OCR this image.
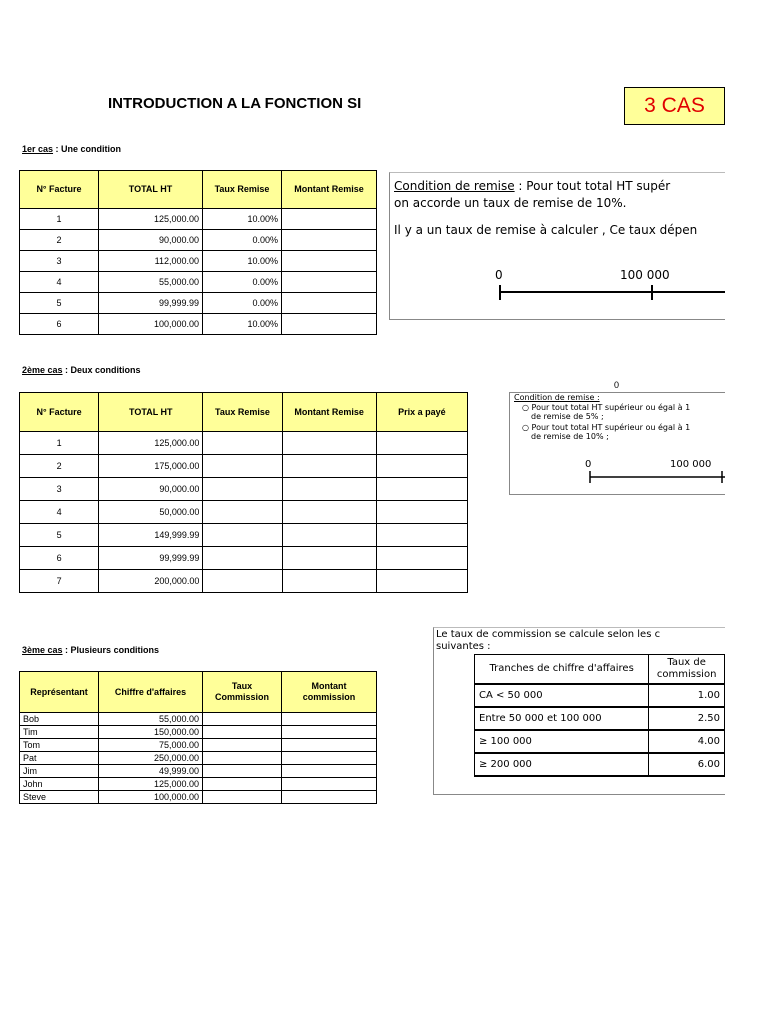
INTRODUCTION A LA FONCTION SI	3 CAS
1er cas : Une condition
N° Facture	TOTAL HT	Taux Remise	Montant Remise
1	125,000.00	10.00%	
2	90,000.00	0.00%	
3	112,000.00	10.00%	
4	55,000.00	0.00%	
5	99,999.99	0.00%	
6	100,000.00	10.00%	
Condition de remise : Pour tout total HT supér
on accorde un taux de remise de 10%.
Il y a un taux de remise à calculer , Ce taux dépen
0	100 000
2ème cas : Deux conditions
0
N° Facture	TOTAL HT	Taux Remise	Montant Remise	Prix a payé
1	125,000.00			
2	175,000.00			
3	90,000.00			
4	50,000.00			
5	149,999.99			
6	99,999.99			
7	200,000.00			
Condition de remise :
○ Pour tout total HT supérieur ou égal à 1
de remise de 5% ;
○ Pour tout total HT supérieur ou égal à 1
de remise de 10% ;
0	100 000
3ème cas : Plusieurs conditions
Représentant	Chiffre d'affaires	Taux Commission	Montant commission
Bob	55,000.00		
Tim	150,000.00		
Tom	75,000.00		
Pat	250,000.00		
Jim	49,999.00		
John	125,000.00		
Steve	100,000.00		
Le taux de commission se calcule selon les c
suivantes :
Tranches de chiffre d'affaires	Taux de commission
CA < 50 000	1.00
Entre 50 000 et 100 000	2.50
≥ 100 000	4.00
≥ 200 000	6.00
